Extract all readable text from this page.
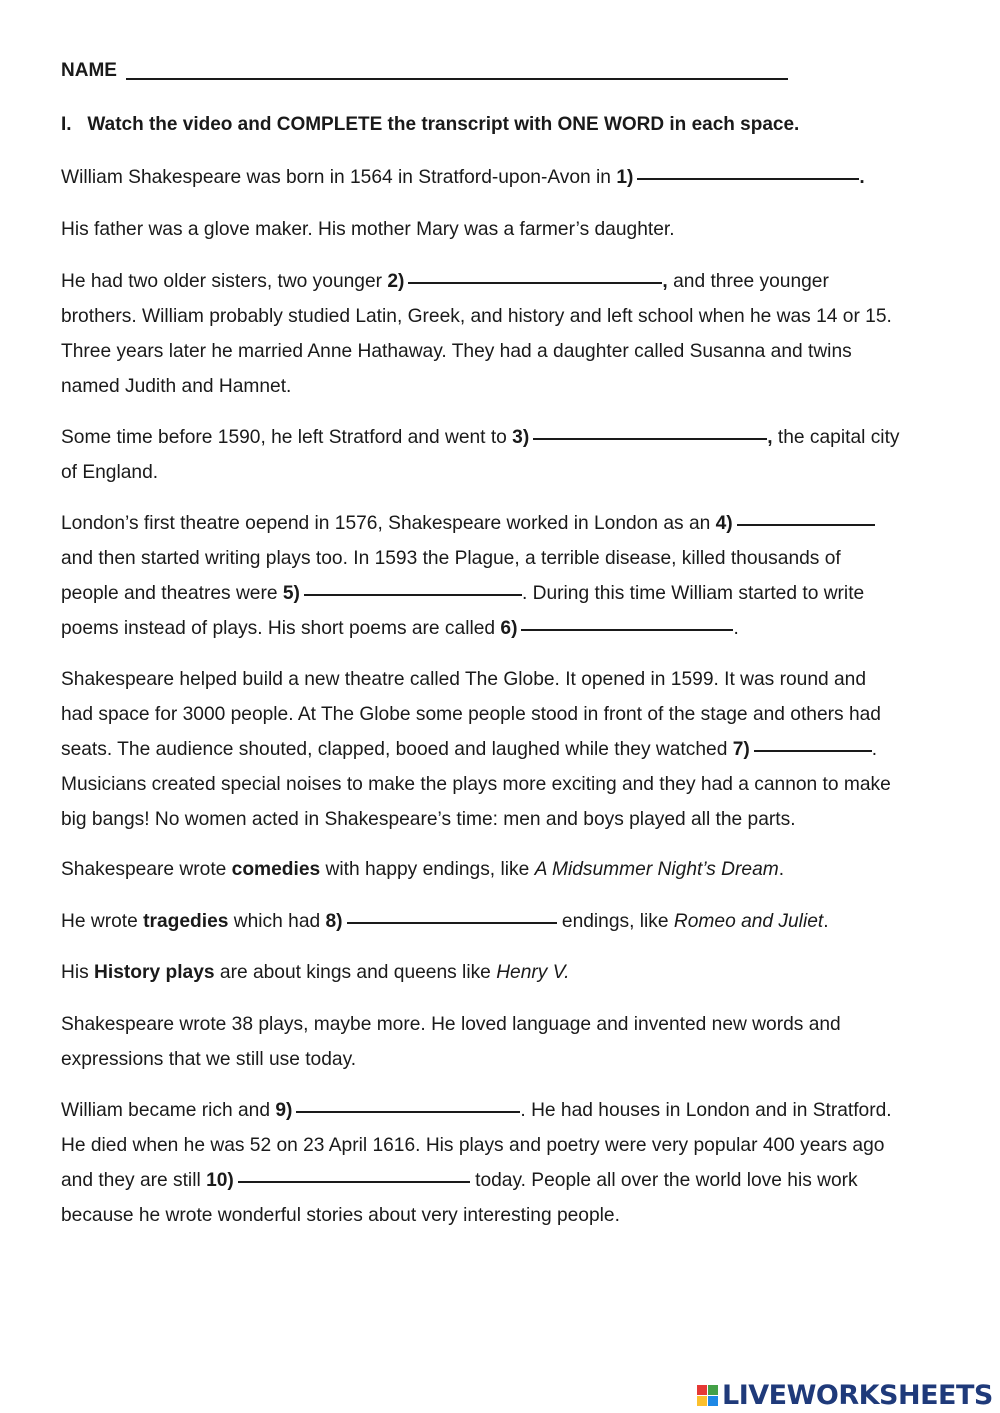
NAME
I. Watch the video and COMPLETE the transcript with ONE WORD in each space.

William Shakespeare was born in 1564 in Stratford-upon-Avon in 1)	.

His father was a glove maker. His mother Mary was a farmer’s daughter.

He had two older sisters, two younger 2)	, and three younger

brothers. William probably studied Latin, Greek, and history and left school when he was 14 or 15.

Three years later he married Anne Hathaway. They had a daughter called Susanna and twins

named Judith and Hamnet.

Some time before 1590, he left Stratford and went to 3)	, the capital city

of England.

London’s first theatre oepend in 1576, Shakespeare worked in London as an 4)

and then started writing plays too. In 1593 the Plague, a terrible disease, killed thousands of

people and theatres were 5)	. During this time William started to write

poems instead of plays. His short poems are called 6)	.

Shakespeare helped build a new theatre called The Globe. It opened in 1599. It was round and

had space for 3000 people. At The Globe some people stood in front of the stage and others had

seats. The audience shouted, clapped, booed and laughed while they watched 7)	.

Musicians created special noises to make the plays more exciting and they had a cannon to make

big bangs! No women acted in Shakespeare’s time: men and boys played all the parts.

Shakespeare wrote comedies with happy endings, like A Midsummer Night’s Dream.

He wrote tragedies which had 8)	endings, like Romeo and Juliet.

His History plays are about kings and queens like Henry V.

Shakespeare wrote 38 plays, maybe more. He loved language and invented new words and

expressions that we still use today.

William became rich and 9)	. He had houses in London and in Stratford.

He died when he was 52 on 23 April 1616. His plays and poetry were very popular 400 years ago

and they are still 10)	today. People all over the world love his work

because he wrote wonderful stories about very interesting people.

LIVEWORKSHEETS
